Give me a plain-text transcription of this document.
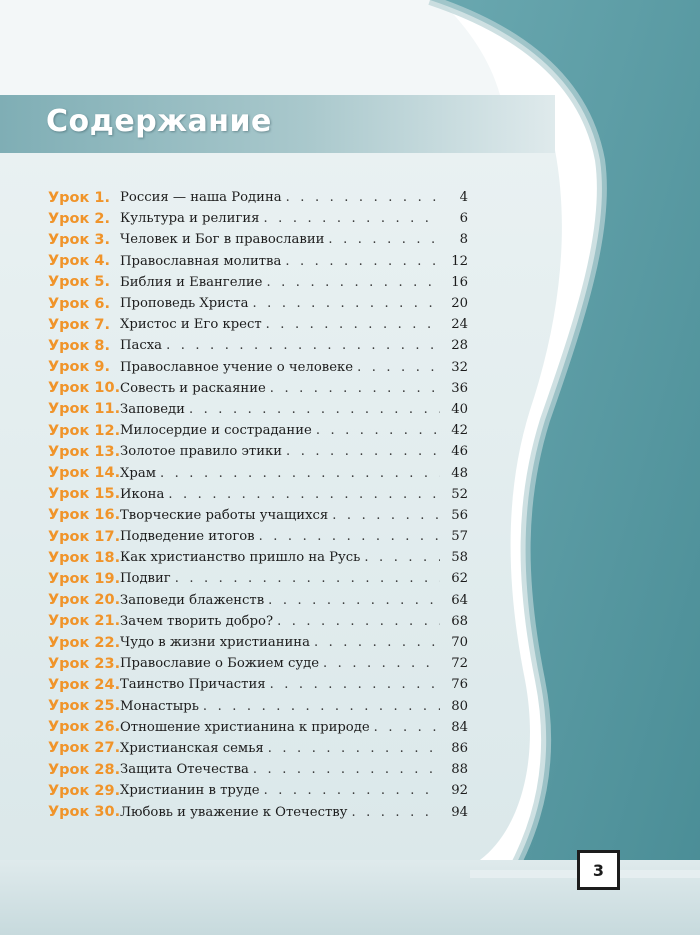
Содержание
Урок 1. Россия — наша Родина . . .	4
Урок 2. Культура и религия . . .	6
Урок 3. Человек и Бог в православии . . .	8
Урок 4. Православная молитва . . .	12
Урок 5. Библия и Евангелие . . .	16
Урок 6. Проповедь Христа . . .	20
Урок 7. Христос и Его крест . . .	24
Урок 8. Пасха . . .	28
Урок 9. Православное учение о человеке . . .	32
Урок 10. Совесть и раскаяние . . .	36
Урок 11. Заповеди . . .	40
Урок 12. Милосердие и сострадание . . .	42
Урок 13. Золотое правило этики . . .	46
Урок 14. Храм . . .	48
Урок 15. Икона . . .	52
Урок 16. Творческие работы учащихся . . .	56
Урок 17. Подведение итогов . . .	57
Урок 18. Как христианство пришло на Русь . . .	58
Урок 19. Подвиг . . .	62
Урок 20. Заповеди блаженств . . .	64
Урок 21. Зачем творить добро? . . .	68
Урок 22. Чудо в жизни христианина . . .	70
Урок 23. Православие о Божием суде . . .	72
Урок 24. Таинство Причастия . . .	76
Урок 25. Монастырь . . .	80
Урок 26. Отношение христианина к природе . . .	84
Урок 27. Христианская семья . . .	86
Урок 28. Защита Отечества . . .	88
Урок 29. Христианин в труде . . .	92
Урок 30. Любовь и уважение к Отечеству . . .	94
3
